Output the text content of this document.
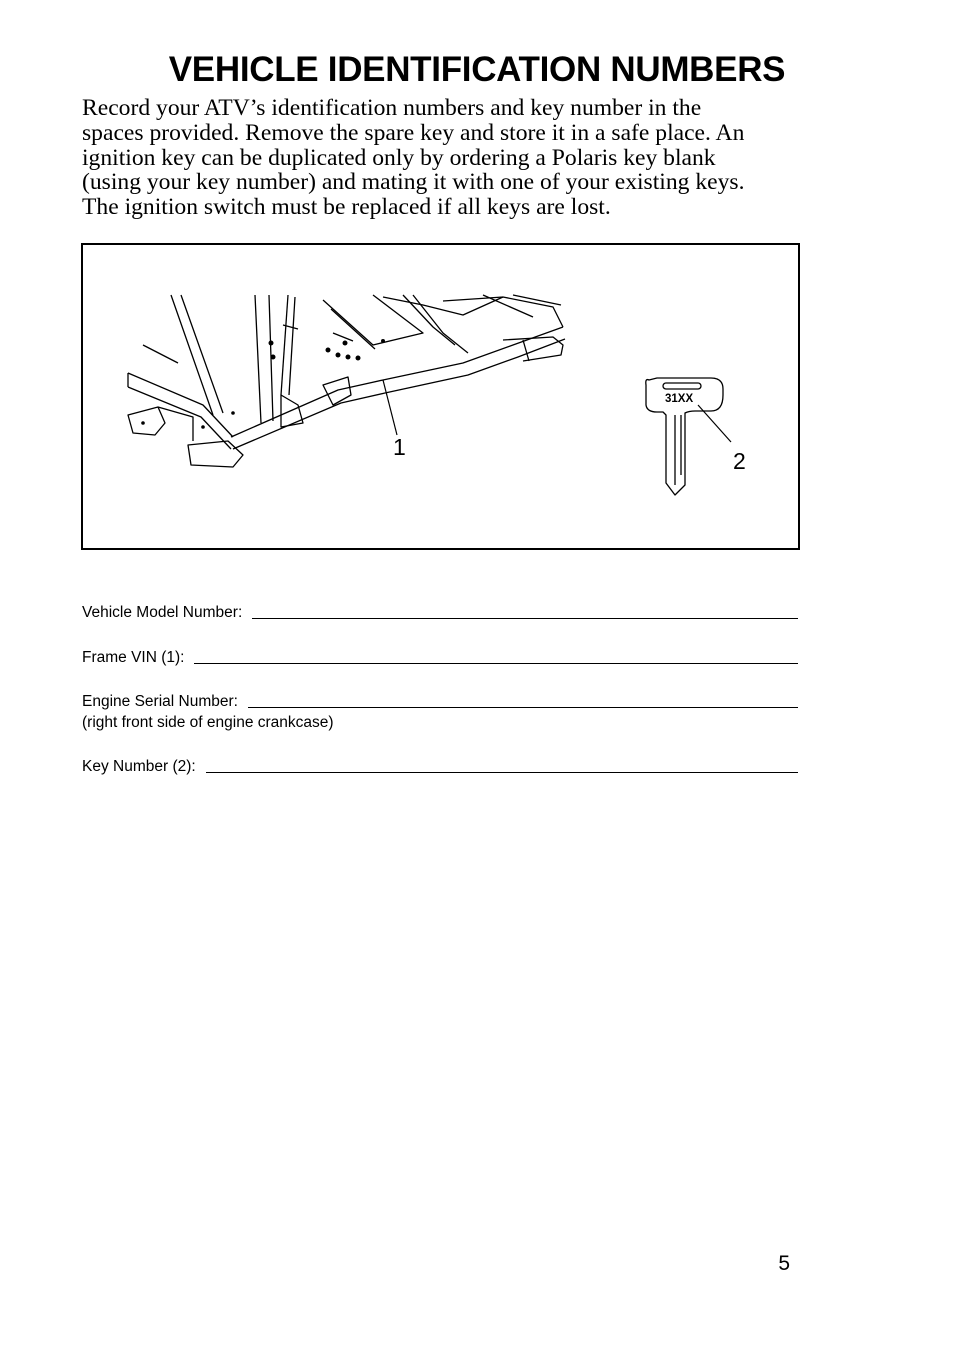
VEHICLE IDENTIFICATION NUMBERS
Record your ATV’s identification numbers and key number in the
spaces provided. Remove the spare key and store it in a safe place. An
ignition key can be duplicated only by ordering a Polaris key blank
(using your key number) and mating it with one of your existing keys.
The ignition switch must be replaced if all keys are lost.
1
2
31XX
Vehicle Model Number:
Frame VIN (1):
Engine Serial Number:
(right front side of engine crankcase)
Key Number (2):
5
